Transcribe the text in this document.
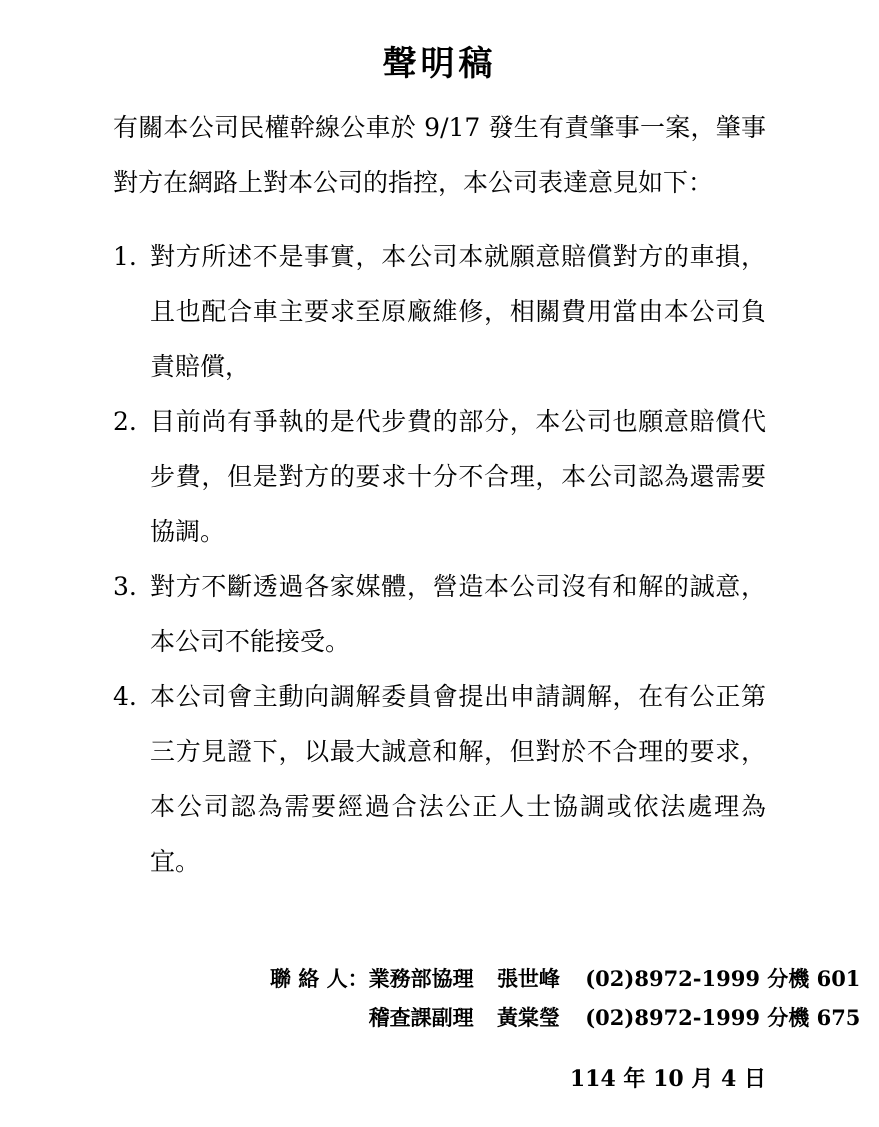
聲明稿
有關本公司民權幹線公車於 9/17 發生有責肇事一案，肇事
對方在網路上對本公司的指控，本公司表達意見如下：
1. 對方所述不是事實，本公司本就願意賠償對方的車損，
且也配合車主要求至原廠維修，相關費用當由本公司負
責賠償，
2. 目前尚有爭執的是代步費的部分，本公司也願意賠償代
步費，但是對方的要求十分不合理，本公司認為還需要
協調。
3. 對方不斷透過各家媒體，營造本公司沒有和解的誠意，
本公司不能接受。
4. 本公司會主動向調解委員會提出申請調解，在有公正第
三方見證下，以最大誠意和解，但對於不合理的要求，
本公司認為需要經過合法公正人士協調或依法處理為
宜。
聯 絡 人： 業務部協理 張世峰 (02)8972-1999 分機 601
稽查課副理 黃棠瑩 (02)8972-1999 分機 675
114 年 10 月 4 日
